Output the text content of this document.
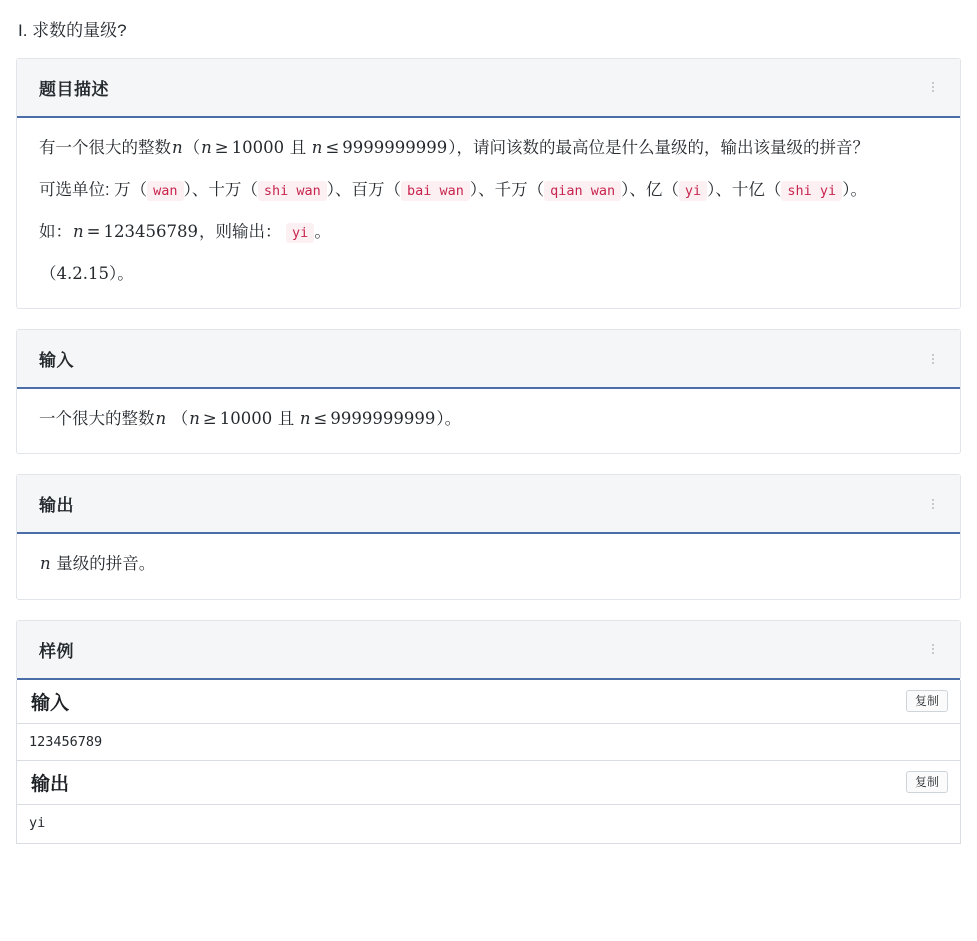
I. 求数的量级?
题目描述

有一个很大的整数n（n ≥ 10000 且 n ≤ 9999999999），请问该数的最高位是什么量级的，输出该量级的拼音？

可选单位: 万（ wan ）、十万（ shi wan ）、百万（ bai wan ）、千万（ qian wan ）、亿（ yi ）、十亿（ shi yi ）。

如：n = 123456789，则输出： yi 。

（4.2.15）。

输入

一个很大的整数n （n ≥ 10000 且 n ≤ 9999999999）。

输出

n 量级的拼音。

样例
输入	复制
123456789
输出	复制
yi
